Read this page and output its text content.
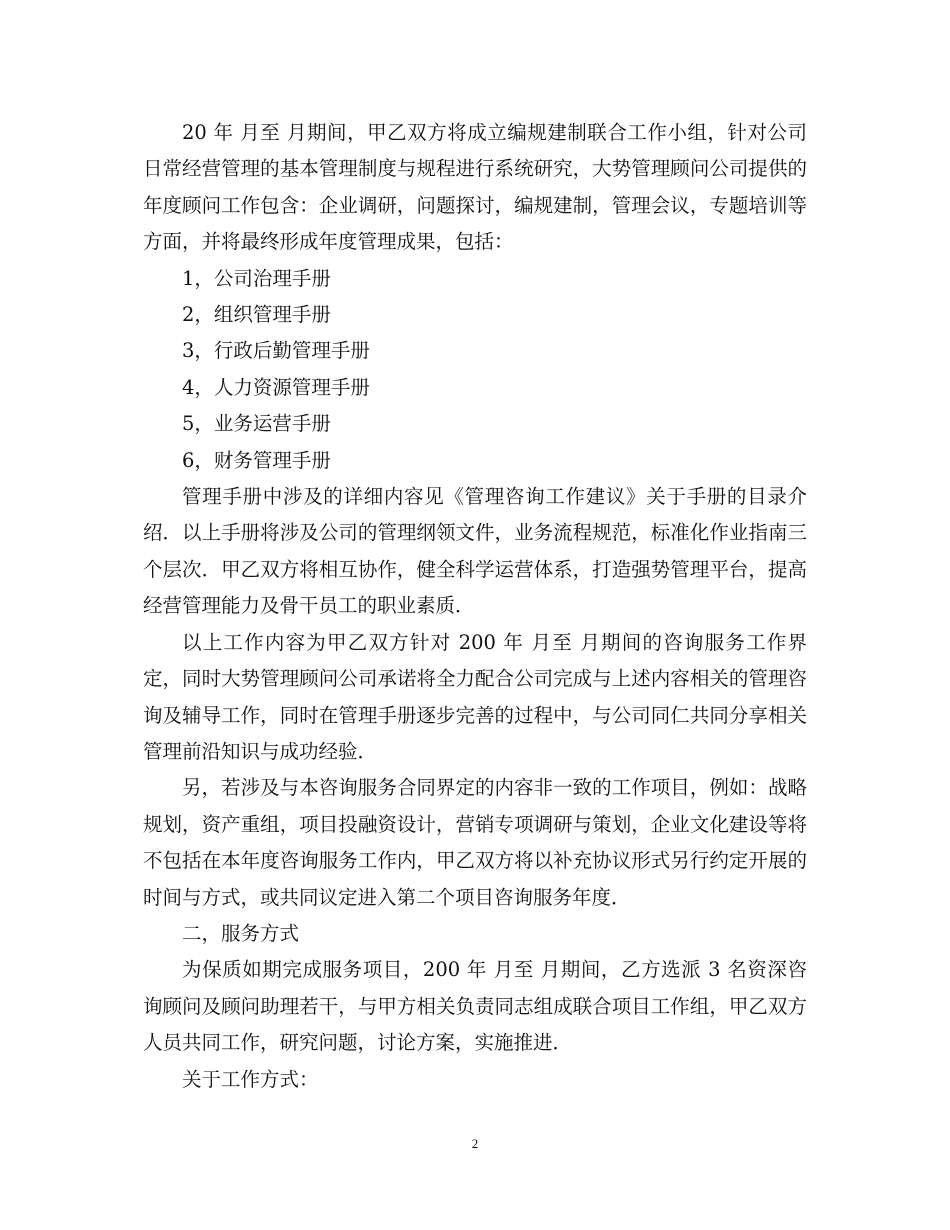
20 年 月至 月期间，甲乙双方将成立编规建制联合工作小组，针对公司日常经营管理的基本管理制度与规程进行系统研究，大势管理顾问公司提供的年度顾问工作包含：企业调研，问题探讨，编规建制，管理会议，专题培训等方面，并将最终形成年度管理成果，包括：

1，公司治理手册

2，组织管理手册

3，行政后勤管理手册

4，人力资源管理手册

5，业务运营手册

6，财务管理手册

管理手册中涉及的详细内容见《管理咨询工作建议》关于手册的目录介绍．以上手册将涉及公司的管理纲领文件，业务流程规范，标准化作业指南三个层次．甲乙双方将相互协作，健全科学运营体系，打造强势管理平台，提高经营管理能力及骨干员工的职业素质．

以上工作内容为甲乙双方针对 200 年 月至 月期间的咨询服务工作界定，同时大势管理顾问公司承诺将全力配合公司完成与上述内容相关的管理咨询及辅导工作，同时在管理手册逐步完善的过程中，与公司同仁共同分享相关管理前沿知识与成功经验．

另，若涉及与本咨询服务合同界定的内容非一致的工作项目，例如：战略规划，资产重组，项目投融资设计，营销专项调研与策划，企业文化建设等将不包括在本年度咨询服务工作内，甲乙双方将以补充协议形式另行约定开展的时间与方式，或共同议定进入第二个项目咨询服务年度．

二，服务方式

为保质如期完成服务项目，200 年 月至 月期间，乙方选派 3 名资深咨询顾问及顾问助理若干，与甲方相关负责同志组成联合项目工作组，甲乙双方人员共同工作，研究问题，讨论方案，实施推进．

关于工作方式：

2
